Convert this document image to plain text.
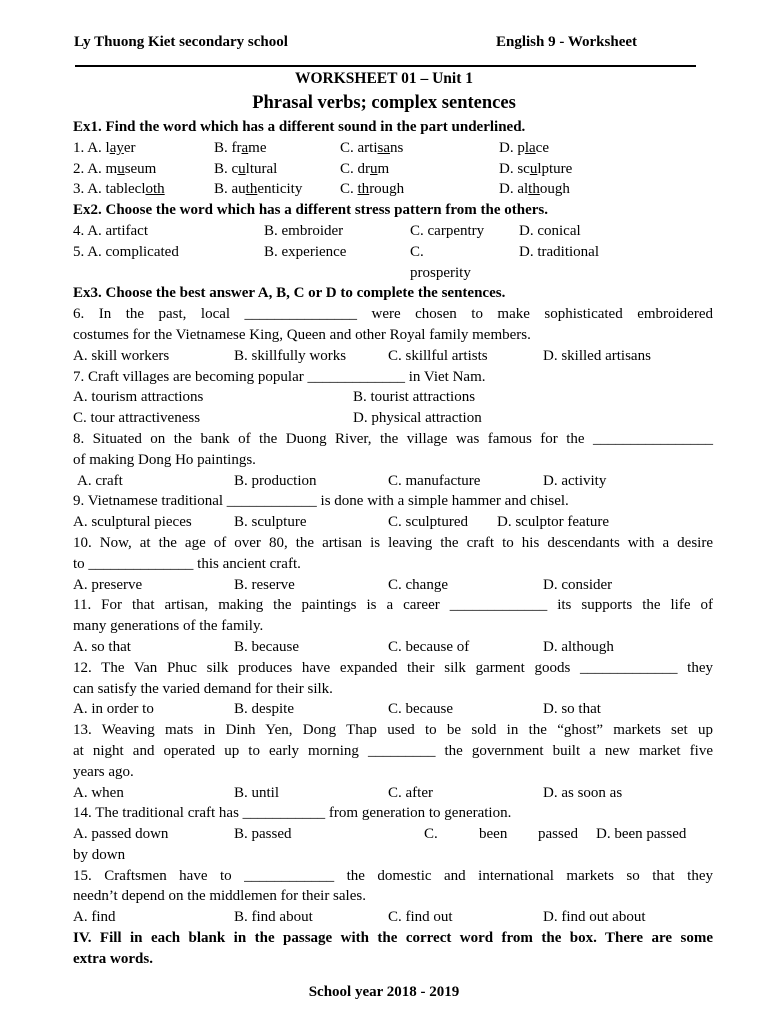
Ly Thuong Kiet secondary school	English 9 - Worksheet
WORKSHEET 01 – Unit 1
Phrasal verbs; complex sentences
Ex1. Find the word which has a different sound in the part underlined.
1. A. layer	B. frame	C. artisans	D. place
2. A. museum	B. cultural	C. drum	D. sculpture
3. A. tablecloth	B. authenticity	C. through	D. although
Ex2. Choose the word which has a different stress pattern from the others.
4. A. artifact	B. embroider	C. carpentry D. conical
5. A. complicated	B. experience	C.	D. traditional
prosperity
Ex3. Choose the best answer A, B, C or D to complete the sentences.
6. In the past, local _______________ were chosen to make sophisticated embroidered
costumes for the Vietnamese King, Queen and other Royal family members.
A. skill workers	B. skillfully works	C. skillful artists	D. skilled artisans
7. Craft villages are becoming popular _____________ in Viet Nam.
A. tourism attractions	B. tourist attractions
C. tour attractiveness	D. physical attraction
8. Situated on the bank of the Duong River, the village was famous for the ________________
of making Dong Ho paintings.
A. craft	B. production	C. manufacture	D. activity
9. Vietnamese traditional ____________ is done with a simple hammer and chisel.
A. sculptural pieces	B. sculpture	C. sculptured D. sculptor feature
10. Now, at the age of over 80, the artisan is leaving the craft to his descendants with a desire
to ______________ this ancient craft.
A. preserve	B. reserve	C. change	D. consider
11. For that artisan, making the paintings is a career _____________ its supports the life of
many generations of the family.
A. so that	B. because	C. because of	D. although
12. The Van Phuc silk produces have expanded their silk garment goods _____________ they
can satisfy the varied demand for their silk.
A. in order to	B. despite	C. because	D. so that
13. Weaving mats in Dinh Yen, Dong Thap used to be sold in the “ghost” markets set up
at night and operated up to early morning _________ the government built a new market five
years ago.
A. when	B. until	C. after	D. as soon as
14. The traditional craft has ___________ from generation to generation.
A. passed down	B. passed	C.	been passed D. been passed
by down
15. Craftsmen have to ____________ the domestic and international markets so that they
needn’t depend on the middlemen for their sales.
A. find	B. find about	C. find out	D. find out about
IV. Fill in each blank in the passage with the correct word from the box. There are some
extra words.
School year 2018 - 2019
